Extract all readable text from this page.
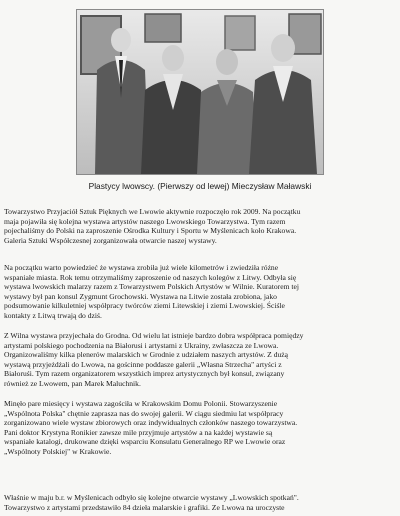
Plastycy lwowscy. (Pierwszy od lewej) Mieczysław Maławski
Towarzystwo Przyjaciół Sztuk Pięknych we Lwowie aktywnie rozpoczęło rok 2009. Na początku
maja pojawiła się kolejna wystawa artystów naszego Lwowskiego Towarzystwa. Tym razem
pojechaliśmy do Polski na zaproszenie Ośrodka Kultury i Sportu w Myślenicach koło Krakowa.
Galeria Sztuki Współczesnej zorganizowała otwarcie naszej wystawy.
Na początku warto powiedzieć że wystawa zrobiła już wiele kilometrów i zwiedziła różne
wspaniałe miasta. Rok temu otrzymaliśmy zaproszenie od naszych kolegów z Litwy. Odbyła się
wystawa lwowskich malarzy razem z Towarzystwem Polskich Artystów w Wilnie. Kuratorem tej
wystawy był pan konsul Zygmunt Grochowski. Wystawa na Litwie została zrobiona, jako
podsumowanie kilkuletniej współpracy twórców ziemi Litewskiej i ziemi Lwowskiej. Ściśle
kontakty z Litwą trwają do dziś.
Z Wilna wystawa przyjechała do Grodna. Od wielu lat istnieje bardzo dobra współpraca pomiędzy
artystami polskiego pochodzenia na Białorusi i artystami z Ukrainy, zwłaszcza ze Lwowa.
Organizowaliśmy kilka plenerów malarskich w Grodnie z udziałem naszych artystów. Z dużą
wystawą przyjeżdżali do Lwowa, na gościnne poddasze galerii „Własna Strzecha" artyści z
Białoruśi. Tym razem organizatorem wszystkich imprez artystycznych był konsul, związany
również ze Lwowem, pan Marek Maluchnik.
Minęło pare miesięcy i wystawa zagościła w Krakowskim Domu Polonii. Stowarzyszenie
„Wspólnota Polska" chętnie zaprasza nas do swojej galerii. W ciągu siedmiu lat współpracy
zorganizowano wiele wystaw zbiorowych oraz indywidualnych członków naszego towarzystwa.
Pani doktor Krystyna Ronikier zawsze mile przyjmuje artystów a na każdej wystawie są
wspaniałe katalogi, drukowane dzięki wsparciu Konsulatu Generalnego RP we Lwowie oraz
„Wspólnoty Polskiej" w Krakowie.
Właśnie w maju b.r. w Myślenicach odbyło się kolejne otwarcie wystawy „Lwowskich spotkań".
Towarzystwo z artystami przedstawiło 84 dzieła malarskie i grafiki. Ze Lwowa na uroczyste
